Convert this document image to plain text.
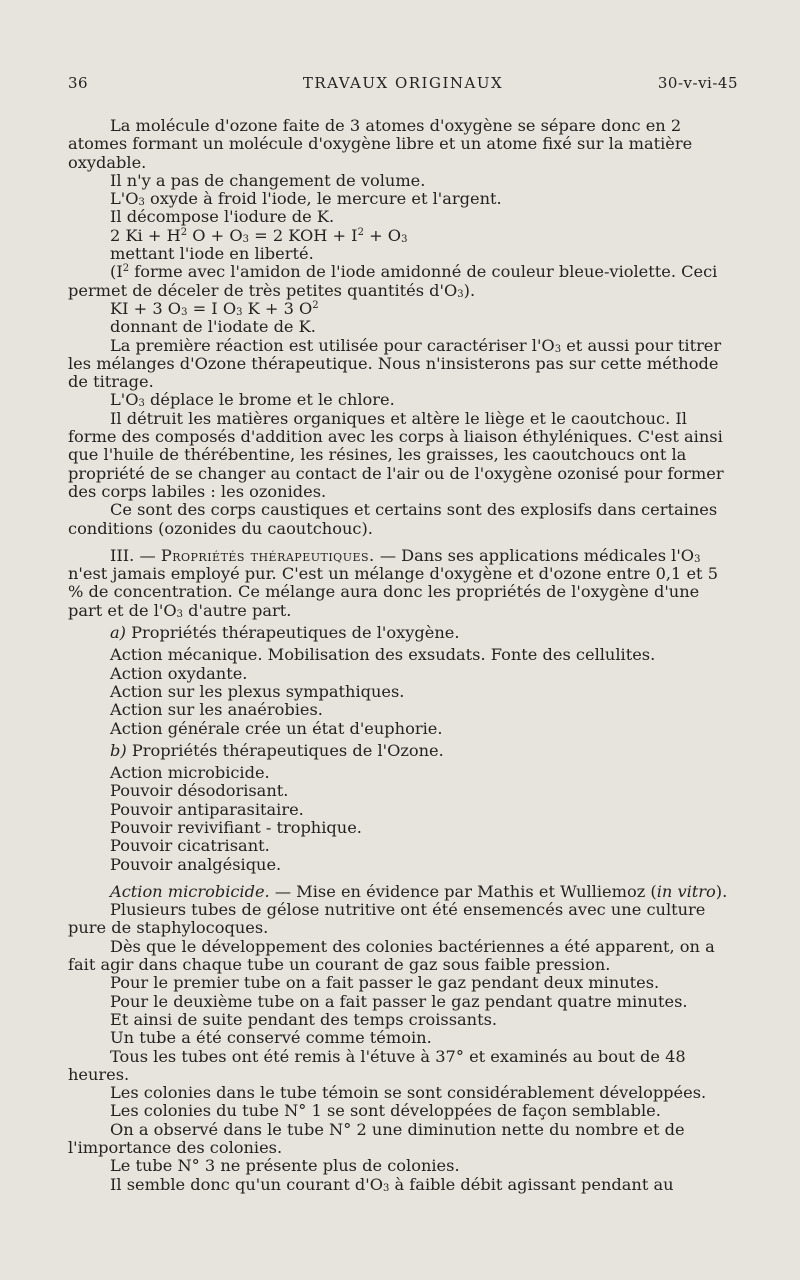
36	TRAVAUX ORIGINAUX	30-v-vi-45

La molécule d'ozone faite de 3 atomes d'oxygène se sépare donc en 2 atomes formant un molécule d'oxygène libre et un atome fixé sur la matière oxydable.

Il n'y a pas de changement de volume.

$L'O_3$ oxyde à froid l'iode, le mercure et l'argent.

Il décompose l'iodure de K.

2 $Ki + H^2$ $O + O_3 = 2$ KOH + $I^2 + O_3$

mettant l'iode en liberté.

($I^2$ forme avec l'amidon de l'iode amidonné de couleur bleue-violette. Ceci permet de déceler de très petites quantités $d'O_3$).

KI + 3 $O_3 = I$ $O_3$ K + 3 $O^2$

donnant de l'iodate de K.

La première réaction est utilisée pour caractériser $l'O_3$ et aussi pour titrer les mélanges d'Ozone thérapeutique. Nous n'insisterons pas sur cette méthode de titrage.

$L'O_3$ déplace le brome et le chlore.

Il détruit les matières organiques et altère le liège et le caoutchouc. Il forme des composés d'addition avec les corps à liaison éthyléniques. C'est ainsi que l'huile de thérébentine, les résines, les graisses, les caoutchoucs ont la propriété de se changer au contact de l'air ou de l'oxygène ozonisé pour former des corps labiles : les ozonides.

Ce sont des corps caustiques et certains sont des explosifs dans certaines conditions (ozonides du caoutchouc).

III. — Propriétés thérapeutiques. — Dans ses applications médicales $l'O_3$ n'est jamais employé pur. C'est un mélange d'oxygène et d'ozone entre 0,1 et 5 % de concentration. Ce mélange aura donc les propriétés de l'oxygène d'une part et de $l'O_3$ d'autre part.

a) Propriétés thérapeutiques de l'oxygène.

Action mécanique. Mobilisation des exsudats. Fonte des cellulites.

Action oxydante.

Action sur les plexus sympathiques.

Action sur les anaérobies.

Action générale crée un état d'euphorie.

b) Propriétés thérapeutiques de l'Ozone.

Action microbicide.

Pouvoir désodorisant.

Pouvoir antiparasitaire.

Pouvoir revivifiant - trophique.

Pouvoir cicatrisant.

Pouvoir analgésique.

Action microbicide. — Mise en évidence par Mathis et Wulliemoz (in vitro).

Plusieurs tubes de gélose nutritive ont été ensemencés avec une culture pure de staphylocoques.

Dès que le développement des colonies bactériennes a été apparent, on a fait agir dans chaque tube un courant de gaz sous faible pression.

Pour le premier tube on a fait passer le gaz pendant deux minutes.

Pour le deuxième tube on a fait passer le gaz pendant quatre minutes.

Et ainsi de suite pendant des temps croissants.

Un tube a été conservé comme témoin.

Tous les tubes ont été remis à l'étuve à 37° et examinés au bout de 48 heures.

Les colonies dans le tube témoin se sont considérablement développées.

Les colonies du tube N° 1 se sont développées de façon semblable.

On a observé dans le tube N° 2 une diminution nette du nombre et de l'importance des colonies.

Le tube N° 3 ne présente plus de colonies.

Il semble donc qu'un courant $d'O_3$ à faible débit agissant pendant au
